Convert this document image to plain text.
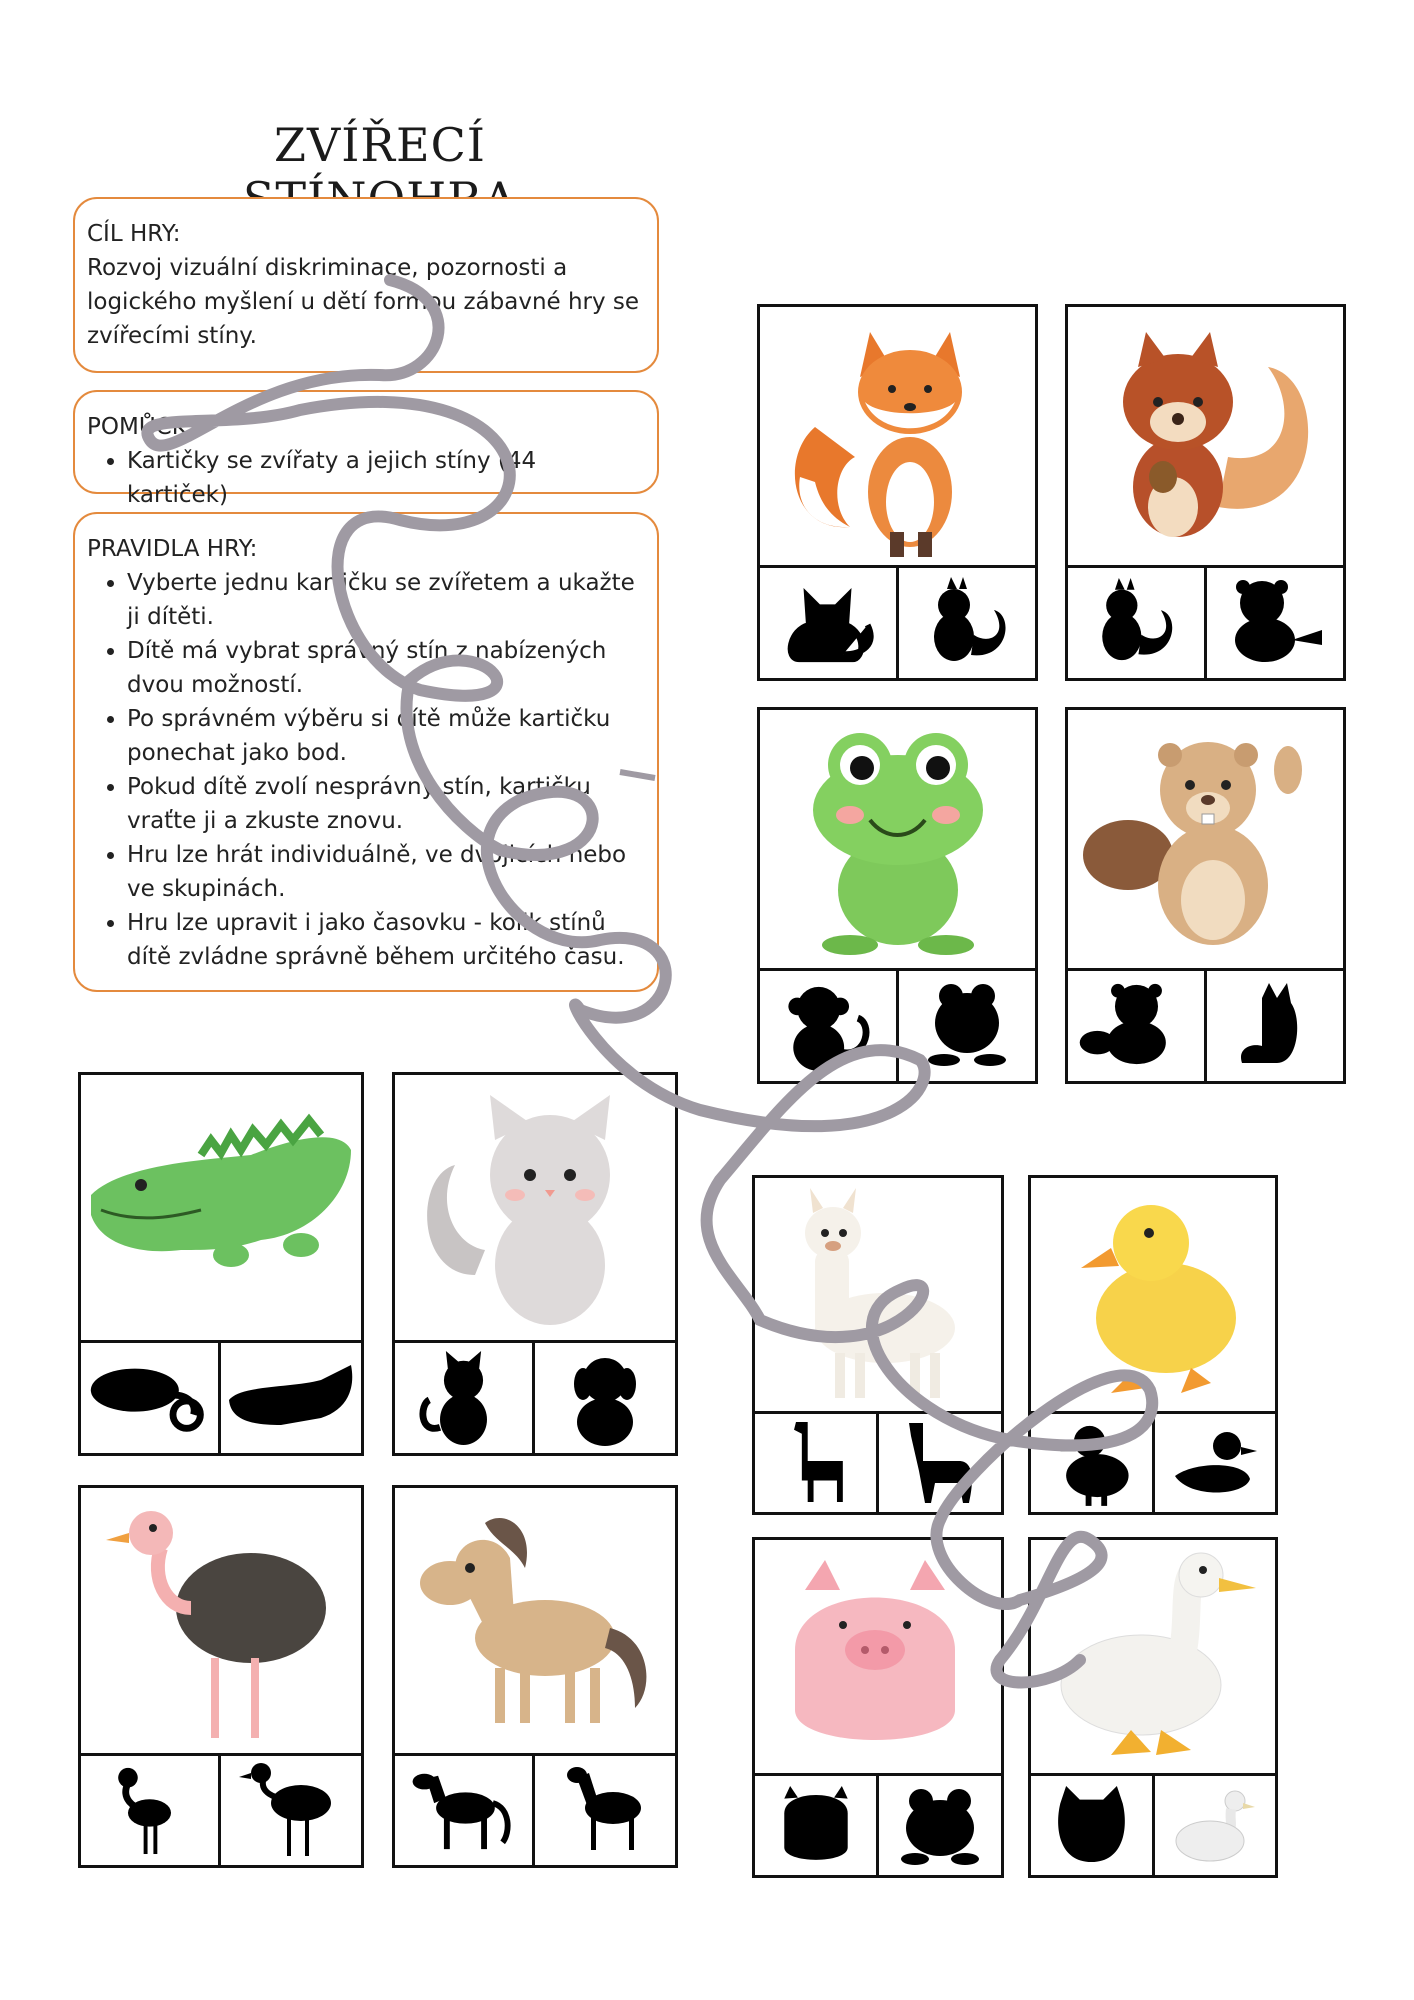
ZVÍŘECÍ
CÍL HRY:
Rozvoj vizuální diskriminace, pozornosti a logického myšlení u dětí formou zábavné hry se zvířecími stíny.
POMŮCKY:
• Kartičky se zvířaty a jejich stíny (44 kartiček)
PRAVIDLA HRY:
• Vyberte jednu kartičku se zvířetem a ukažte ji dítěti.
• Dítě má vybrat správný stín z nabízených dvou možností.
• Po správném výběru si dítě může kartičku ponechat jako bod.
• Pokud dítě zvolí nesprávný stín, kartičku vraťte ji a zkuste znovu.
• Hru lze hrát individuálně, ve dvojicích nebo ve skupinách.
• Hru lze upravit i jako časovku - kolik stínů dítě zvládne správně během určitého času.
